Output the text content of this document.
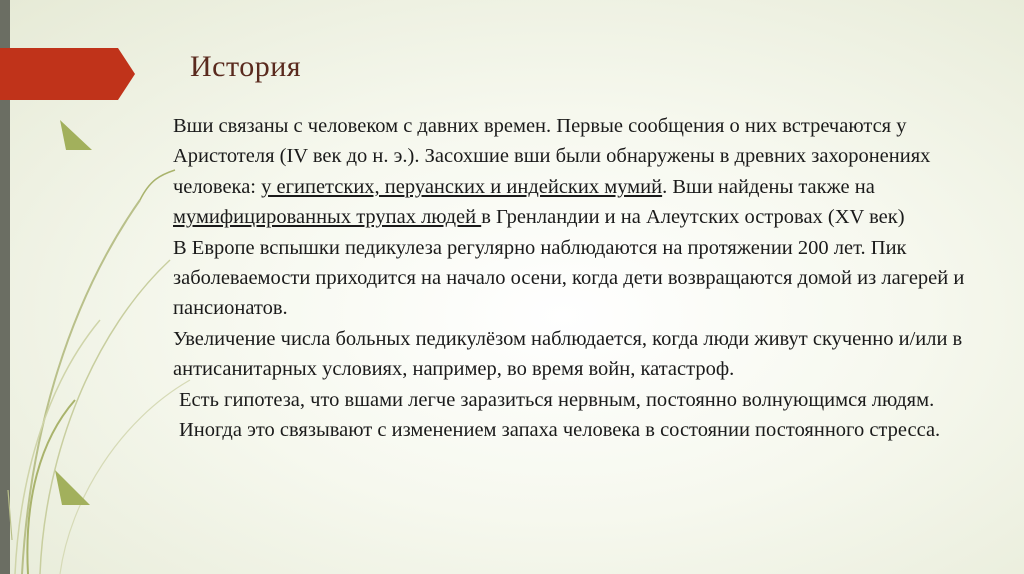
История

Вши связаны с человеком с давних времен. Первые сообщения о них встречаются у Аристотеля (IV век до н. э.). Засохшие вши были обнаружены в древних захоронениях человека: у египетских, перуанских и индейских мумий. Вши найдены также на мумифицированных трупах людей в Гренландии и на Алеутских островах (XV век)

В Европе вспышки педикулеза регулярно наблюдаются на протяжении 200 лет. Пик заболеваемости приходится на начало осени, когда дети возвращаются домой из лагерей и пансионатов.

Увеличение числа больных педикулёзом наблюдается, когда люди живут скученно и/или в антисанитарных условиях, например, во время войн, катастроф.

Есть гипотеза, что вшами легче заразиться нервным, постоянно волнующимся людям. Иногда это связывают с изменением запаха человека в состоянии постоянного стресса.
